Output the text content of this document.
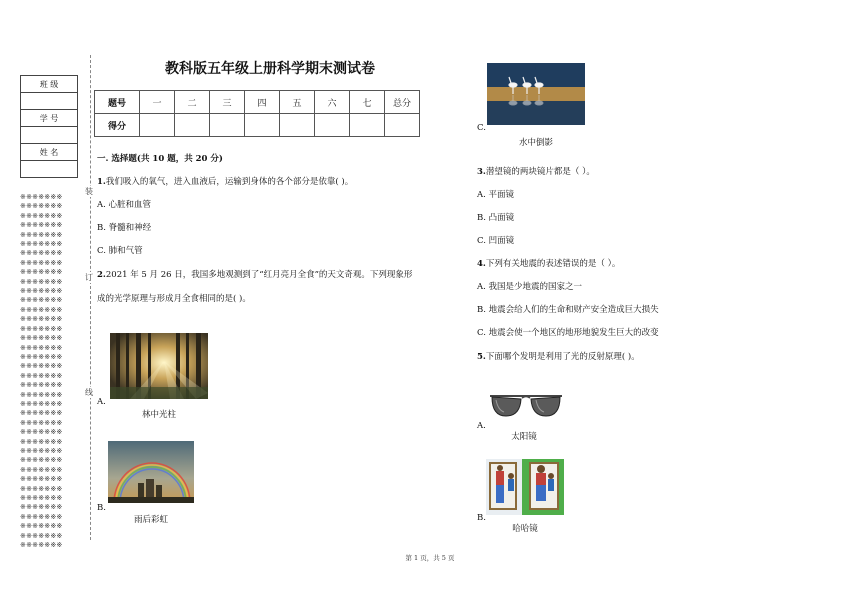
班 级

学 号

姓 名

※※※※※※※
※※※※※※※
※※※※※※※
※※※※※※※
※※※※※※※
※※※※※※※
※※※※※※※
※※※※※※※
※※※※※※※
※※※※※※※
※※※※※※※
※※※※※※※
※※※※※※※
※※※※※※※
※※※※※※※
※※※※※※※
※※※※※※※
※※※※※※※
※※※※※※※
※※※※※※※
※※※※※※※
※※※※※※※
※※※※※※※
※※※※※※※
※※※※※※※
※※※※※※※
※※※※※※※
※※※※※※※
※※※※※※※
※※※※※※※
※※※※※※※
※※※※※※※
※※※※※※※
※※※※※※※
※※※※※※※
※※※※※※※
※※※※※※※
※※※※※※※
装
订
线
教科版五年级上册科学期末测试卷
题号	一	二	三	四	五	六	七	总分
得分								
一. 选择题(共 10 题，共 20 分)
1.我们吸入的氧气，进入血液后，运输到身体的各个部分是依靠( )。
A. 心脏和血管
B. 脊髓和神经
C. 肺和气管
2.2021 年 5 月 26 日，我国多地观测到了“红月亮月全食”的天文奇观。下列现象形
成的光学原理与形成月全食相同的是( )。
A.
林中光柱
B.
雨后彩虹
C.
水中倒影
3.潜望镜的两块镜片都是（ ）。
A. 平面镜
B. 凸面镜
C. 凹面镜
4.下列有关地震的表述错误的是（ ）。
A. 我国是少地震的国家之一
B. 地震会给人们的生命和财产安全造成巨大损失
C. 地震会使一个地区的地形地貌发生巨大的改变
5.下面哪个发明是利用了光的反射原理( )。
A.
太阳镜
B.
哈哈镜
第 1 页，共 5 页
